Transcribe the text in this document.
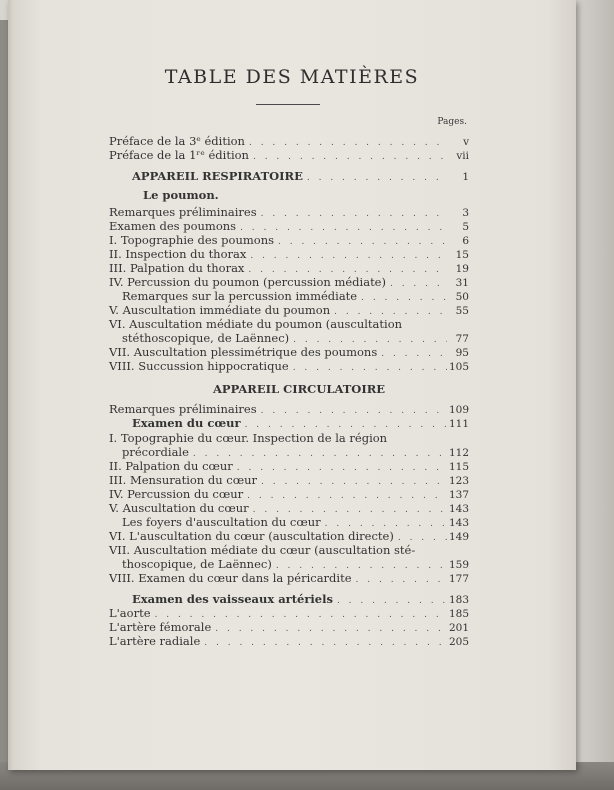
TABLE DES MATIÈRES
Pages.
Préface de la 3ᵉ édition . . .	v
Préface de la 1ʳᵉ édition . . .	vii
APPAREIL RESPIRATOIRE . . .	1
Le poumon.
Remarques préliminaires . . .	3
Examen des poumons . . .	5
I. Topographie des poumons . . .	6
II. Inspection du thorax . . .	15
III. Palpation du thorax . . .	19
IV. Percussion du poumon (percussion médiate) . . .	31
Remarques sur la percussion immédiate . . .	50
V. Auscultation immédiate du poumon . . .	55
VI. Auscultation médiate du poumon (auscultation
stéthoscopique, de Laënnec) . . .	77
VII. Auscultation plessimétrique des poumons . . .	95
VIII. Succussion hippocratique . . .	105
APPAREIL CIRCULATOIRE
Remarques préliminaires . . .	109
Examen du cœur . . .	111
I. Topographie du cœur. Inspection de la région
précordiale . . .	112
II. Palpation du cœur . . .	115
III. Mensuration du cœur . . .	123
IV. Percussion du cœur . . .	137
V. Auscultation du cœur . . .	143
Les foyers d'auscultation du cœur . . .	143
VI. L'auscultation du cœur (auscultation directe) . . .	149
VII. Auscultation médiate du cœur (auscultation sté-
thoscopique, de Laënnec) . . .	159
VIII. Examen du cœur dans la péricardite . . .	177
Examen des vaisseaux artériels . . .	183
L'aorte . . .	185
L'artère fémorale . . .	201
L'artère radiale . . .	205
